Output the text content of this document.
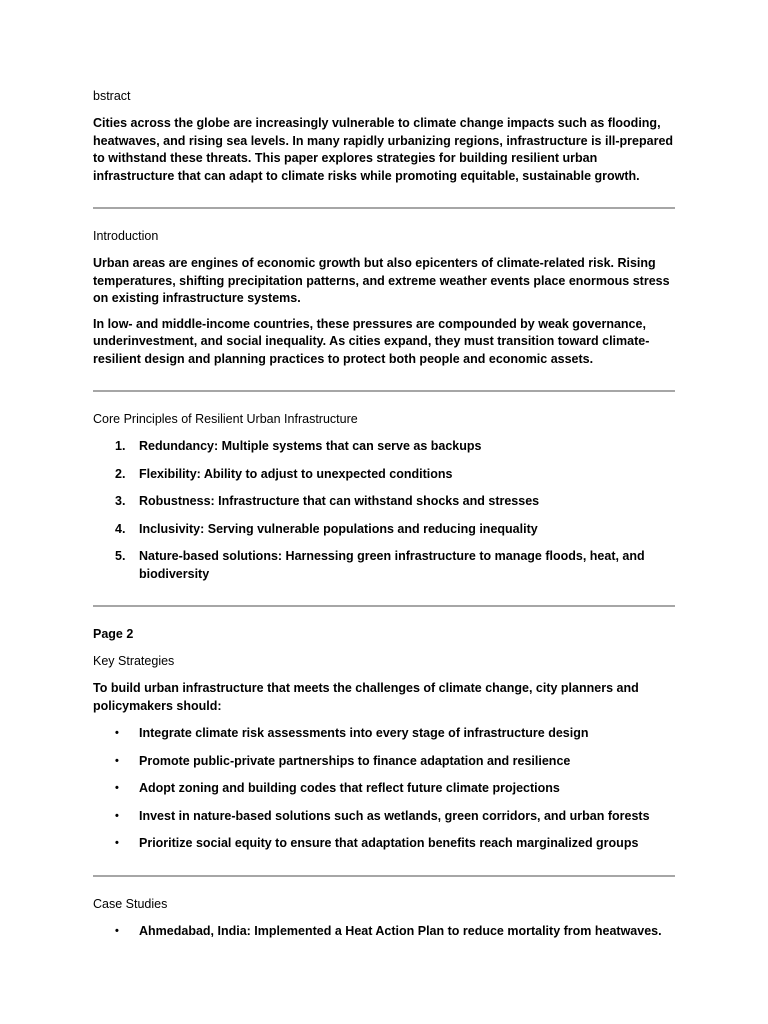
bstract
Cities across the globe are increasingly vulnerable to climate change impacts such as flooding, heatwaves, and rising sea levels. In many rapidly urbanizing regions, infrastructure is ill-prepared to withstand these threats. This paper explores strategies for building resilient urban infrastructure that can adapt to climate risks while promoting equitable, sustainable growth.
Introduction
Urban areas are engines of economic growth but also epicenters of climate-related risk. Rising temperatures, shifting precipitation patterns, and extreme weather events place enormous stress on existing infrastructure systems.
In low- and middle-income countries, these pressures are compounded by weak governance, underinvestment, and social inequality. As cities expand, they must transition toward climate-resilient design and planning practices to protect both people and economic assets.
Core Principles of Resilient Urban Infrastructure
1.	Redundancy: Multiple systems that can serve as backups
2.	Flexibility: Ability to adjust to unexpected conditions
3.	Robustness: Infrastructure that can withstand shocks and stresses
4.	Inclusivity: Serving vulnerable populations and reducing inequality
5.	Nature-based solutions: Harnessing green infrastructure to manage floods, heat, and biodiversity
Page 2
Key Strategies
To build urban infrastructure that meets the challenges of climate change, city planners and policymakers should:
•	Integrate climate risk assessments into every stage of infrastructure design
•	Promote public-private partnerships to finance adaptation and resilience
•	Adopt zoning and building codes that reflect future climate projections
•	Invest in nature-based solutions such as wetlands, green corridors, and urban forests
•	Prioritize social equity to ensure that adaptation benefits reach marginalized groups
Case Studies
•	Ahmedabad, India: Implemented a Heat Action Plan to reduce mortality from heatwaves.
